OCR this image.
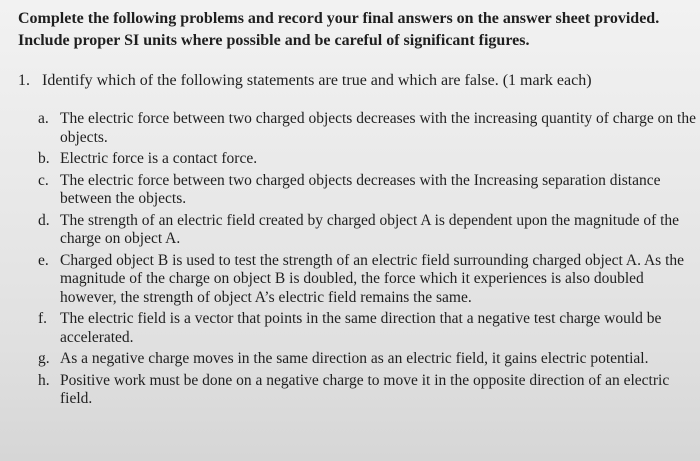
Complete the following problems and record your final answers on the answer sheet provided. Include proper SI units where possible and be careful of significant figures.
1. Identify which of the following statements are true and which are false. (1 mark each)
a. The electric force between two charged objects decreases with the increasing quantity of charge on the objects.
b. Electric force is a contact force.
c. The electric force between two charged objects decreases with the Increasing separation distance between the objects.
d. The strength of an electric field created by charged object A is dependent upon the magnitude of the charge on object A.
e. Charged object B is used to test the strength of an electric field surrounding charged object A. As the magnitude of the charge on object B is doubled, the force which it experiences is also doubled however, the strength of object A’s electric field remains the same.
f. The electric field is a vector that points in the same direction that a negative test charge would be accelerated.
g. As a negative charge moves in the same direction as an electric field, it gains electric potential.
h. Positive work must be done on a negative charge to move it in the opposite direction of an electric field.
